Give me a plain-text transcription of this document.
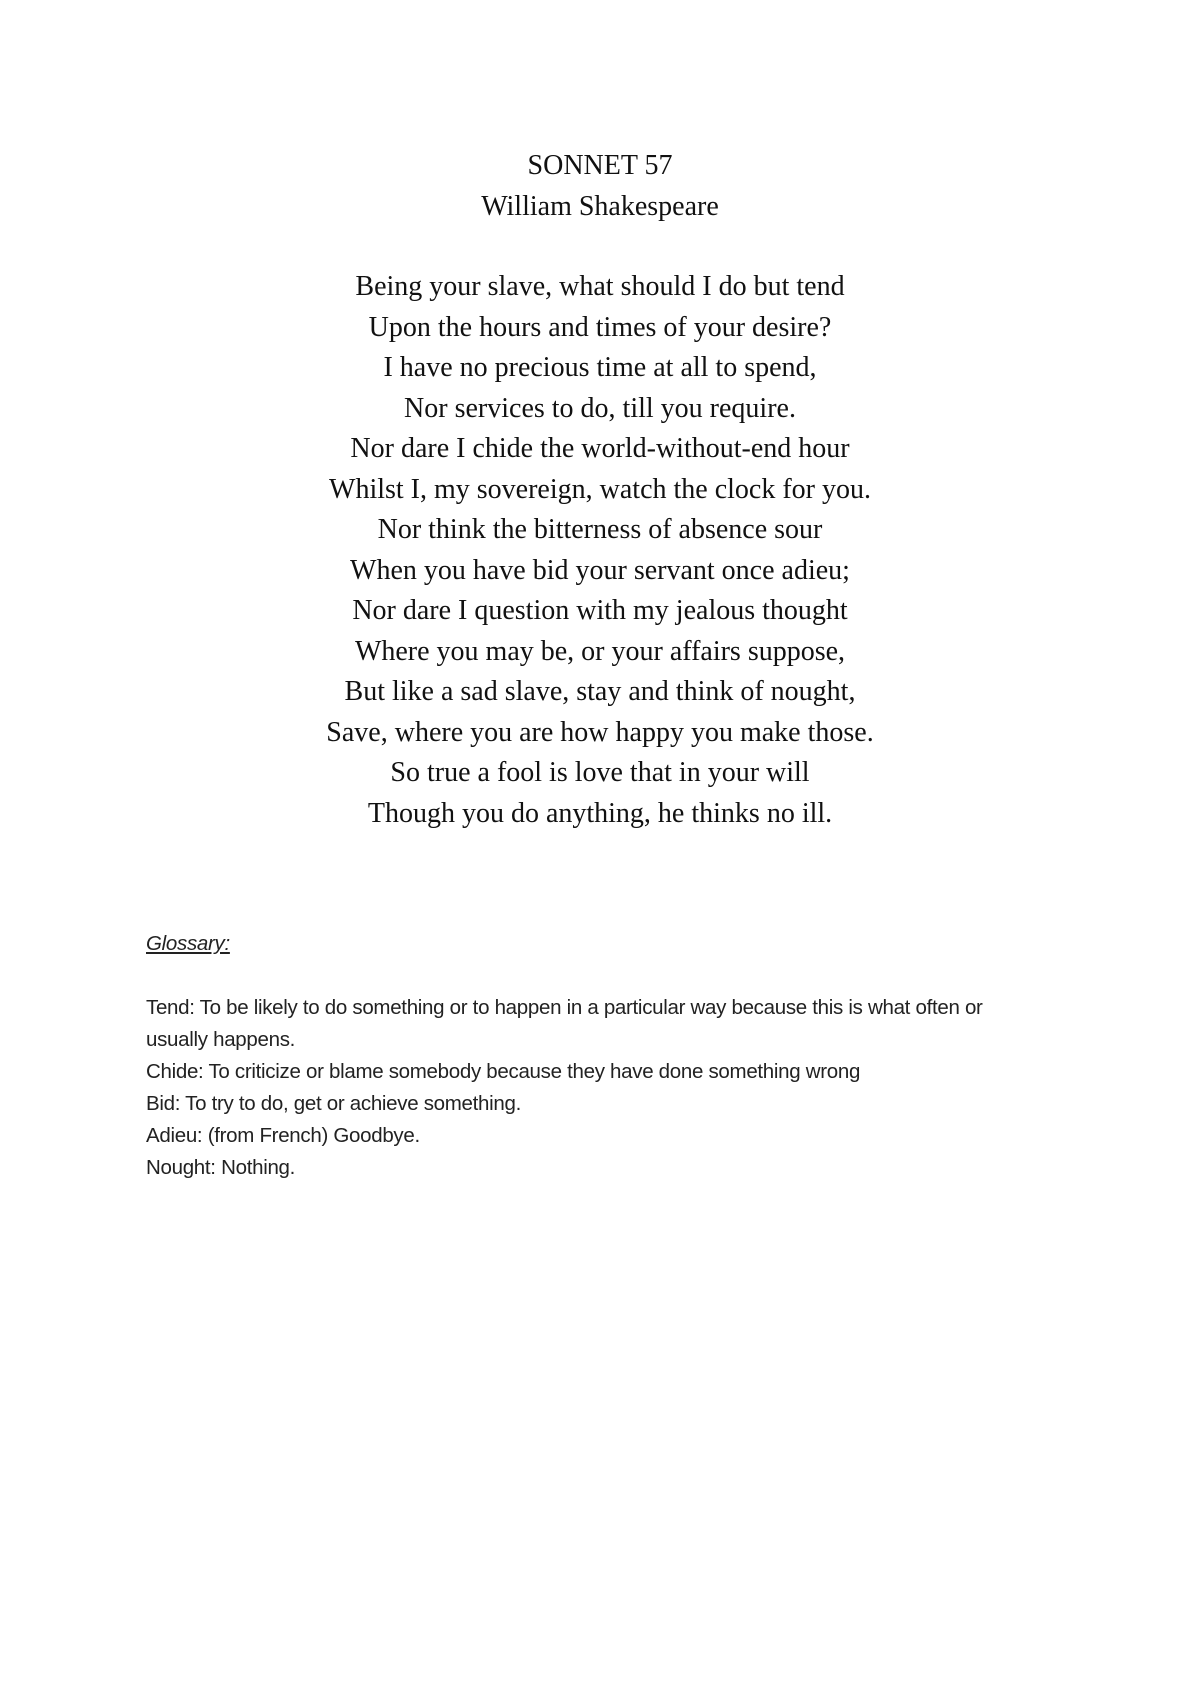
SONNET 57
William Shakespeare
Being your slave, what should I do but tend
Upon the hours and times of your desire?
I have no precious time at all to spend,
Nor services to do, till you require.
Nor dare I chide the world-without-end hour
Whilst I, my sovereign, watch the clock for you.
Nor think the bitterness of absence sour
When you have bid your servant once adieu;
Nor dare I question with my jealous thought
Where you may be, or your affairs suppose,
But like a sad slave, stay and think of nought,
Save, where you are how happy you make those.
So true a fool is love that in your will
Though you do anything, he thinks no ill.
Glossary:
Tend: To be likely to do something or to happen in a particular way because this is what often or usually happens.
Chide: To criticize or blame somebody because they have done something wrong
Bid: To try to do, get or achieve something.
Adieu: (from French) Goodbye.
Nought: Nothing.
